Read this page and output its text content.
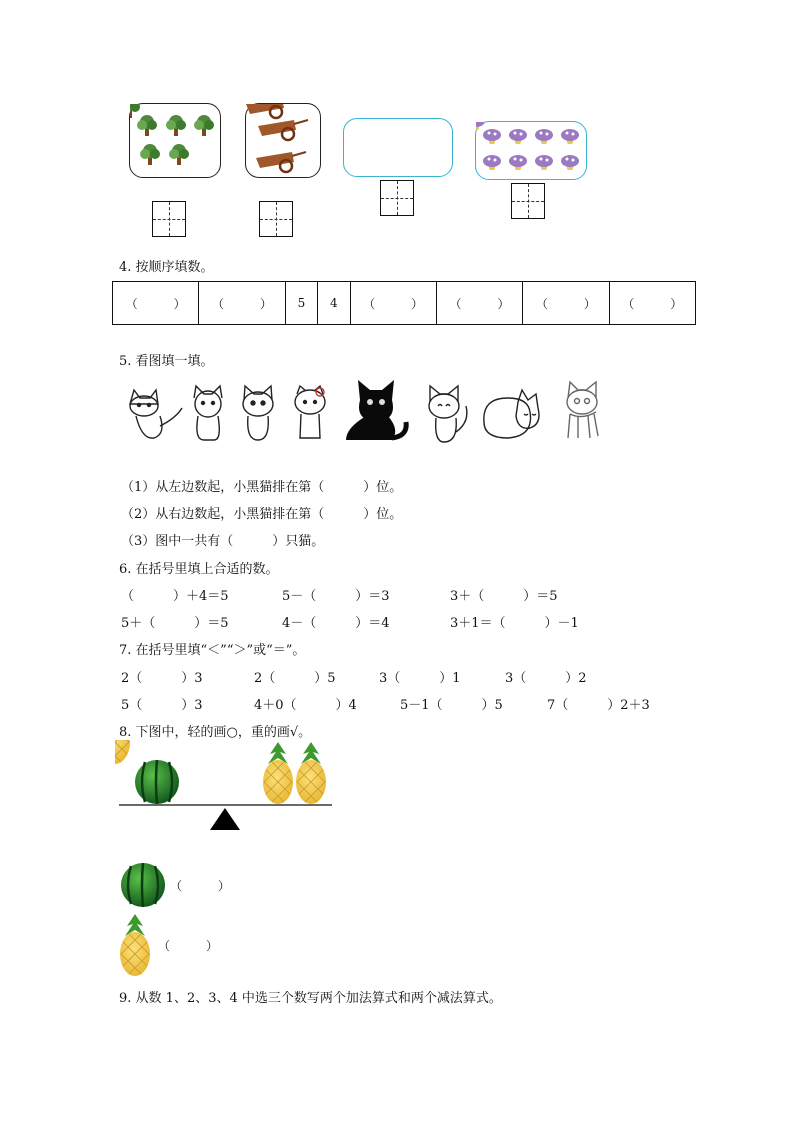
4. 按顺序填数。
（　　　）	（　　　）	5	4	（　　　）	（　　　）	（　　　）	（　　　）
5. 看图填一填。
（1）从左边数起，小黑猫排在第（　　　）位。
（2）从右边数起，小黑猫排在第（　　　）位。
（3）图中一共有（　　　）只猫。
6. 在括号里填上合适的数。
（　　　）＋4＝5	5－（　　　）＝3	3＋（　　　）＝5
5＋（　　　）＝5	4－（　　　）＝4	3＋1＝（　　　）－1
7. 在括号里填“＜”“＞”或“＝”。
2（　　　）3	2（　　　）5	3（　　　）1	3（　　　）2
5（　　　）3	4＋0（　　　）4	5－1（　　　）5	7（　　　）2＋3
8. 下图中，轻的画○，重的画√。
（　　　）
（　　　）
9. 从数 1、2、3、4 中选三个数写两个加法算式和两个减法算式。
